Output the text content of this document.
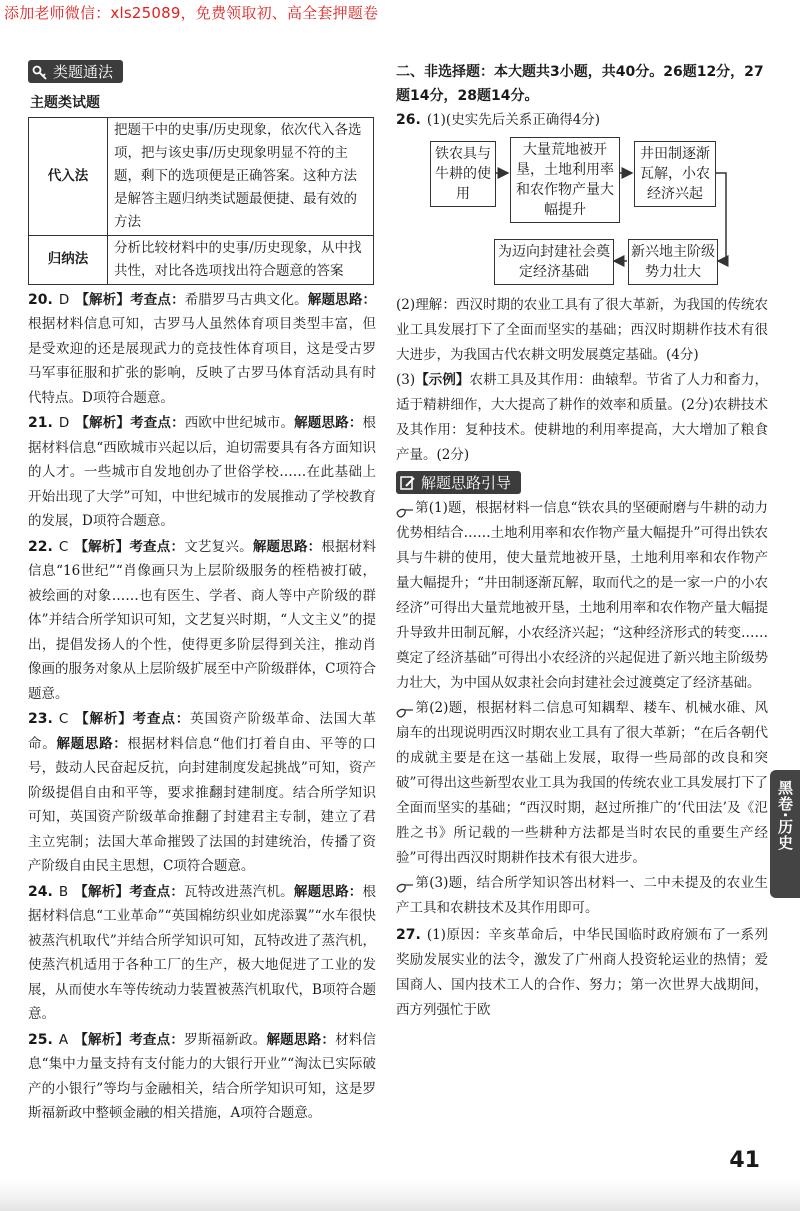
添加老师微信：xls25089，免费领取初、高全套押题卷
类题通法
主题类试题
代入法	把题干中的史事/历史现象，依次代入各选项，把与该史事/历史现象明显不符的主题，剩下的选项便是正确答案。这种方法是解答主题归纳类试题最便捷、最有效的方法
归纳法	分析比较材料中的史事/历史现象，从中找共性，对比各选项找出符合题意的答案
20. D 【解析】考查点：希腊罗马古典文化。解题思路：根据材料信息可知，古罗马人虽然体育项目类型丰富，但是受欢迎的还是展现武力的竞技性体育项目，这是受古罗马军事征服和扩张的影响，反映了古罗马体育活动具有时代特点。D项符合题意。
21. D 【解析】考查点：西欧中世纪城市。解题思路：根据材料信息“西欧城市兴起以后，迫切需要具有各方面知识的人才。一些城市自发地创办了世俗学校……在此基础上开始出现了大学”可知，中世纪城市的发展推动了学校教育的发展，D项符合题意。
22. C 【解析】考查点：文艺复兴。解题思路：根据材料信息“16世纪”“肖像画只为上层阶级服务的桎梏被打破，被绘画的对象……也有医生、学者、商人等中产阶级的群体”并结合所学知识可知，文艺复兴时期，“人文主义”的提出，提倡发扬人的个性，使得更多阶层得到关注，推动肖像画的服务对象从上层阶级扩展至中产阶级群体，C项符合题意。
23. C 【解析】考查点：英国资产阶级革命、法国大革命。解题思路：根据材料信息“他们打着自由、平等的口号，鼓动人民奋起反抗，向封建制度发起挑战”可知，资产阶级提倡自由和平等，要求推翻封建制度。结合所学知识可知，英国资产阶级革命推翻了封建君主专制，建立了君主立宪制；法国大革命摧毁了法国的封建统治，传播了资产阶级自由民主思想，C项符合题意。
24. B 【解析】考查点：瓦特改进蒸汽机。解题思路：根据材料信息“工业革命”“英国棉纺织业如虎添翼”“水车很快被蒸汽机取代”并结合所学知识可知，瓦特改进了蒸汽机，使蒸汽机适用于各种工厂的生产，极大地促进了工业的发展，从而使水车等传统动力装置被蒸汽机取代，B项符合题意。
25. A 【解析】考查点：罗斯福新政。解题思路：材料信息“集中力量支持有支付能力的大银行开业”“淘汰已实际破产的小银行”等均与金融相关，结合所学知识可知，这是罗斯福新政中整顿金融的相关措施，A项符合题意。
二、非选择题：本大题共3小题，共40分。26题12分，27题14分，28题14分。
26. (1)(史实先后关系正确得4分)
铁农具与牛耕的使用
大量荒地被开垦，土地利用率和农作物产量大幅提升
井田制逐渐瓦解，小农经济兴起
新兴地主阶级势力壮大
为迈向封建社会奠定经济基础
(2)理解：西汉时期的农业工具有了很大革新，为我国的传统农业工具发展打下了全面而坚实的基础；西汉时期耕作技术有很大进步，为我国古代农耕文明发展奠定基础。(4分)
(3)【示例】农耕工具及其作用：曲辕犁。节省了人力和畜力，适于精耕细作，大大提高了耕作的效率和质量。(2分)农耕技术及其作用：复种技术。使耕地的利用率提高，大大增加了粮食产量。(2分)
解题思路引导
第(1)题，根据材料一信息“铁农具的坚硬耐磨与牛耕的动力优势相结合……土地利用率和农作物产量大幅提升”可得出铁农具与牛耕的使用，使大量荒地被开垦，土地利用率和农作物产量大幅提升；“井田制逐渐瓦解，取而代之的是一家一户的小农经济”可得出大量荒地被开垦，土地利用率和农作物产量大幅提升导致井田制瓦解，小农经济兴起；“这种经济形式的转变……奠定了经济基础”可得出小农经济的兴起促进了新兴地主阶级势力壮大，为中国从奴隶社会向封建社会过渡奠定了经济基础。
第(2)题，根据材料二信息可知耦犁、耧车、机械水碓、风扇车的出现说明西汉时期农业工具有了很大革新；“在后各朝代的成就主要是在这一基础上发展，取得一些局部的改良和突破”可得出这些新型农业工具为我国的传统农业工具发展打下了全面而坚实的基础；“西汉时期，赵过所推广的‘代田法’及《氾胜之书》所记载的一些耕种方法都是当时农民的重要生产经验”可得出西汉时期耕作技术有很大进步。
第(3)题，结合所学知识答出材料一、二中未提及的农业生产工具和农耕技术及其作用即可。
27. (1)原因：辛亥革命后，中华民国临时政府颁布了一系列奖励发展实业的法令，激发了广州商人投资轮运业的热情；爱国商人、国内技术工人的合作、努力；第一次世界大战期间，西方列强忙于欧
黑卷·历史
41
